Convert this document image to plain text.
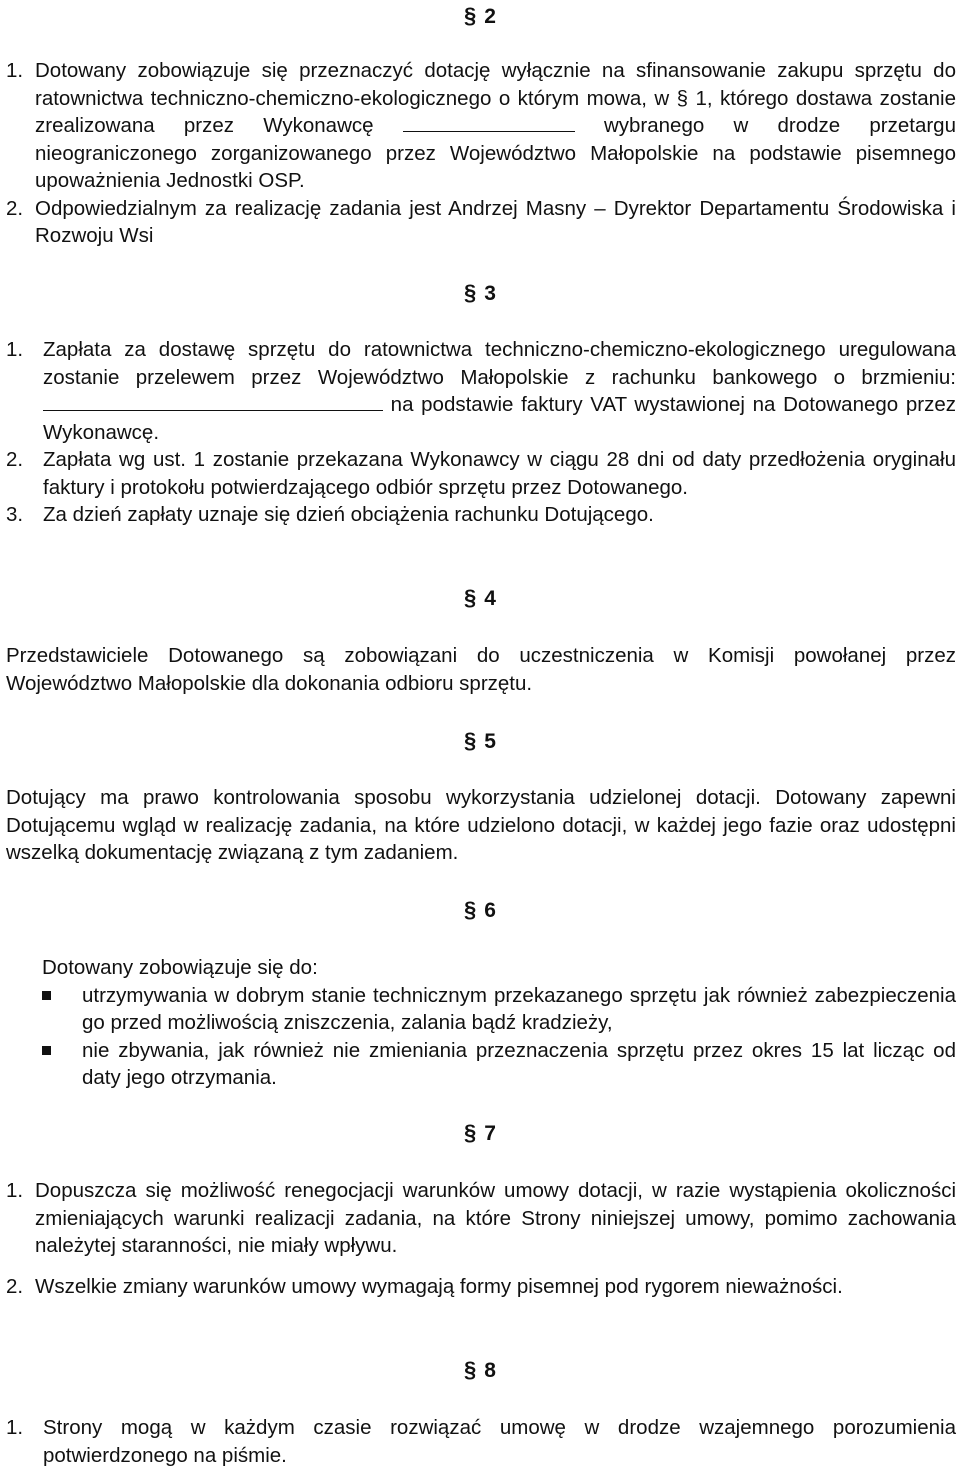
§ 2
1. Dotowany zobowiązuje się przeznaczyć dotację wyłącznie na sfinansowanie zakupu sprzętu do ratownictwa techniczno-chemiczno-ekologicznego o którym mowa, w § 1, którego dostawa zostanie zrealizowana przez Wykonawcę	wybranego w drodze przetargu nieograniczonego zorganizowanego przez Województwo Małopolskie na podstawie pisemnego upoważnienia Jednostki OSP.
2. Odpowiedzialnym za realizację zadania jest Andrzej Masny – Dyrektor Departamentu Środowiska i Rozwoju Wsi
§ 3
1. Zapłata za dostawę sprzętu do ratownictwa techniczno-chemiczno-ekologicznego uregulowana zostanie przelewem przez Województwo Małopolskie z rachunku bankowego o brzmieniu:  na podstawie faktury VAT wystawionej na Dotowanego przez Wykonawcę.
2. Zapłata wg ust. 1 zostanie przekazana Wykonawcy w ciągu 28 dni od daty przedłożenia oryginału faktury i protokołu potwierdzającego odbiór sprzętu przez Dotowanego.
3. Za dzień zapłaty uznaje się dzień obciążenia rachunku Dotującego.
§ 4

Przedstawiciele Dotowanego są zobowiązani do uczestniczenia w Komisji powołanej przez Województwo Małopolskie dla dokonania odbioru sprzętu.

§ 5

Dotujący ma prawo kontrolowania sposobu wykorzystania udzielonej dotacji. Dotowany zapewni Dotującemu wgląd w realizację zadania, na które udzielono dotacji, w każdej jego fazie oraz udostępni wszelką dokumentację związaną z tym zadaniem.

§ 6
Dotowany zobowiązuje się do:
utrzymywania w dobrym stanie technicznym przekazanego sprzętu jak również zabezpieczenia go przed możliwością zniszczenia, zalania bądź kradzieży,
nie zbywania, jak również nie zmieniania przeznaczenia sprzętu przez okres 15 lat licząc od daty jego otrzymania.
§ 7
1. Dopuszcza się możliwość renegocjacji warunków umowy dotacji, w razie wystąpienia okoliczności zmieniających warunki realizacji zadania, na które Strony niniejszej umowy, pomimo zachowania należytej staranności, nie miały wpływu.
2. Wszelkie zmiany warunków umowy wymagają formy pisemnej pod rygorem nieważności.
§ 8
1. Strony mogą w każdym czasie rozwiązać umowę w drodze wzajemnego porozumienia potwierdzonego na piśmie.
